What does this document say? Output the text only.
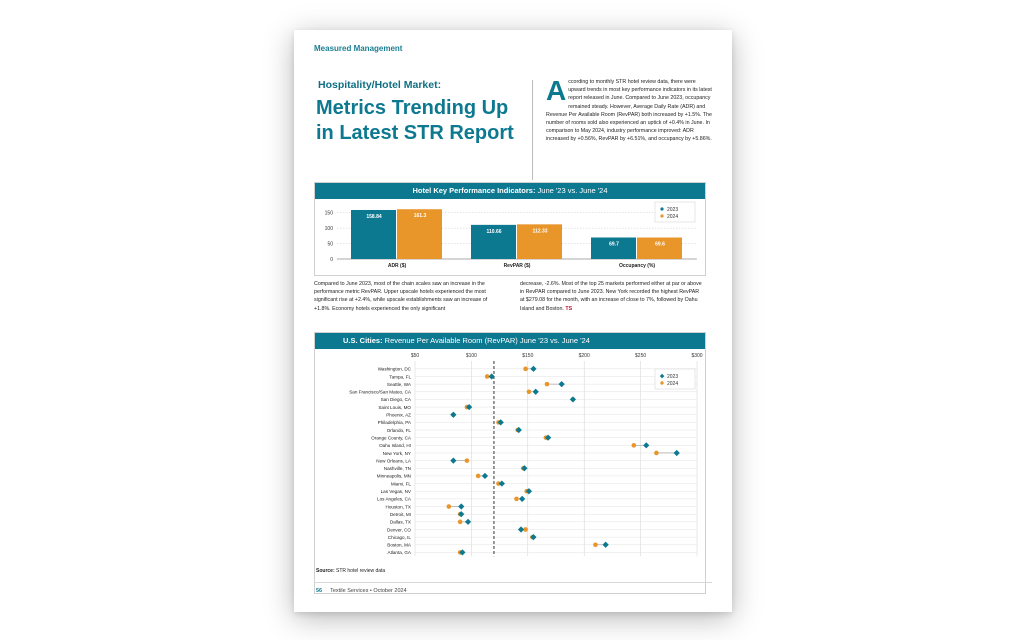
Measured Management
Hospitality/Hotel Market:
Metrics Trending Up in Latest STR Report
According to monthly STR hotel review data, there were upward trends in most key performance indicators in its latest report released in June. Compared to June 2023, occupancy remained steady. However, Average Daily Rate (ADR) and Revenue Per Available Room (RevPAR) both increased by +1.5%. The number of rooms sold also experienced an uptick of +0.4% in June. In comparison to May 2024, industry performance improved: ADR increased by +0.56%, RevPAR by +6.51%, and occupancy by +5.86%.
Hotel Key Performance Indicators: June '23 vs. June '24
150
100
50
0
158.84	161.3
ADR ($)
110.66	112.33
RevPAR ($)
69.7	69.6
Occupancy (%)
2023
2024
Compared to June 2023, most of the chain scales saw an increase in the performance metric RevPAR. Upper upscale hotels experienced the most significant rise at +2.4%, while upscale establishments saw an increase of +1.8%. Economy hotels experienced the only significant
decrease, -2.6%. Most of the top 25 markets performed either at par or above in RevPAR compared to June 2023. New York recorded the highest RevPAR at $279.08 for the month, with an increase of close to 7%, followed by Oahu Island and Boston. TS
U.S. Cities: Revenue Per Available Room (RevPAR) June '23 vs. June '24
$50	$100	$150	$200	$250	$300
Washington, DC
Tampa, FL
Seattle, WA
San Francisco/San Mateo, CA
San Diego, CA
Saint Louis, MO
Phoenix, AZ
Philadelphia, PA
Orlando, FL
Orange County, CA
Oahu Island, HI
New York, NY
New Orleans, LA
Nashville, TN
Minneapolis, MN
Miami, FL
Las Vegas, NV
Los Angeles, CA
Houston, TX
Detroit, MI
Dallas, TX
Denver, CO
Chicago, IL
Boston, MA
Atlanta, GA
2023
2024
Source: STR hotel review data
56 Textile Services • October 2024
